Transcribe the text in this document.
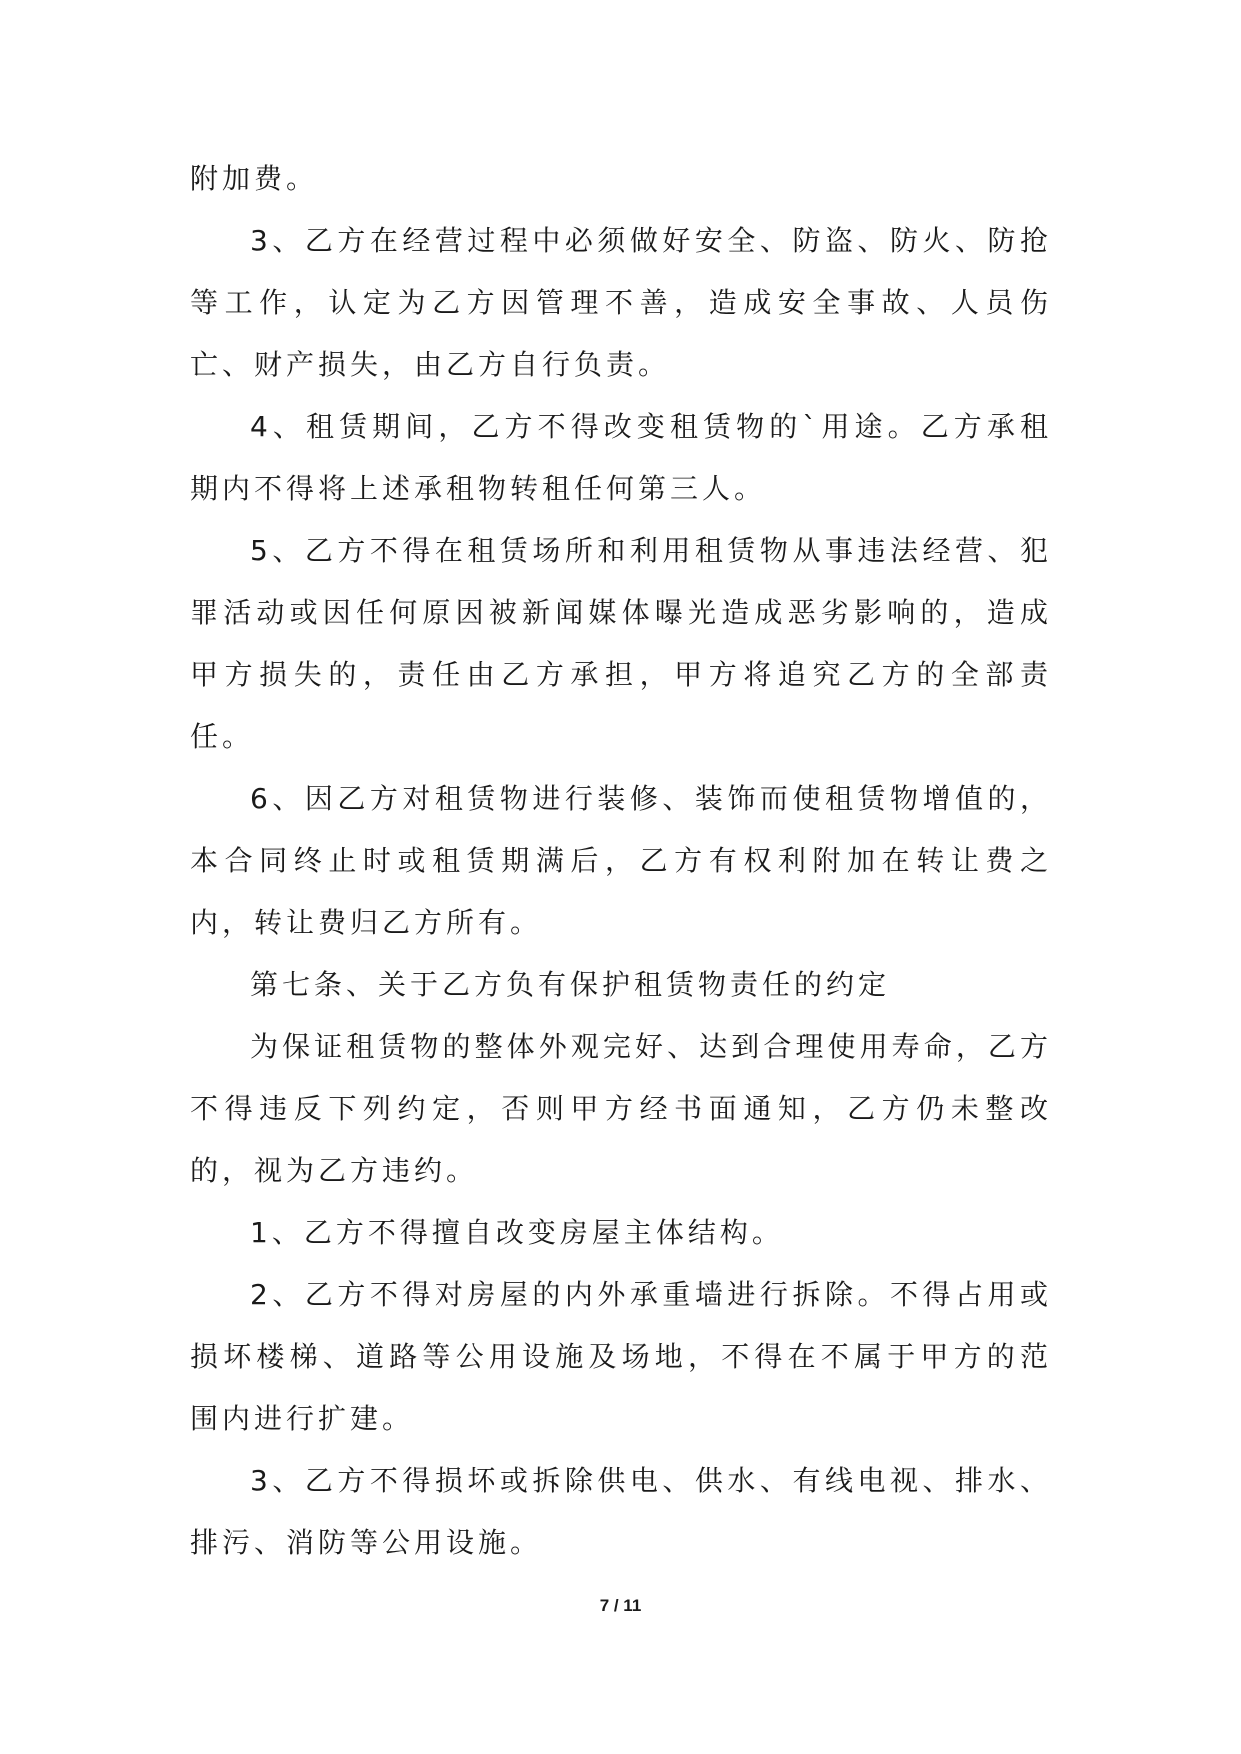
附加费。

3、乙方在经营过程中必须做好安全、防盗、防火、防抢等工作，认定为乙方因管理不善，造成安全事故、人员伤亡、财产损失，由乙方自行负责。

4、租赁期间，乙方不得改变租赁物的`用途。乙方承租期内不得将上述承租物转租任何第三人。

5、乙方不得在租赁场所和利用租赁物从事违法经营、犯罪活动或因任何原因被新闻媒体曝光造成恶劣影响的，造成甲方损失的，责任由乙方承担，甲方将追究乙方的全部责任。

6、因乙方对租赁物进行装修、装饰而使租赁物增值的，本合同终止时或租赁期满后，乙方有权利附加在转让费之内，转让费归乙方所有。

第七条、关于乙方负有保护租赁物责任的约定

为保证租赁物的整体外观完好、达到合理使用寿命，乙方不得违反下列约定，否则甲方经书面通知，乙方仍未整改的，视为乙方违约。

1、乙方不得擅自改变房屋主体结构。

2、乙方不得对房屋的内外承重墙进行拆除。不得占用或损坏楼梯、道路等公用设施及场地，不得在不属于甲方的范围内进行扩建。

3、乙方不得损坏或拆除供电、供水、有线电视、排水、排污、消防等公用设施。

7 / 11
